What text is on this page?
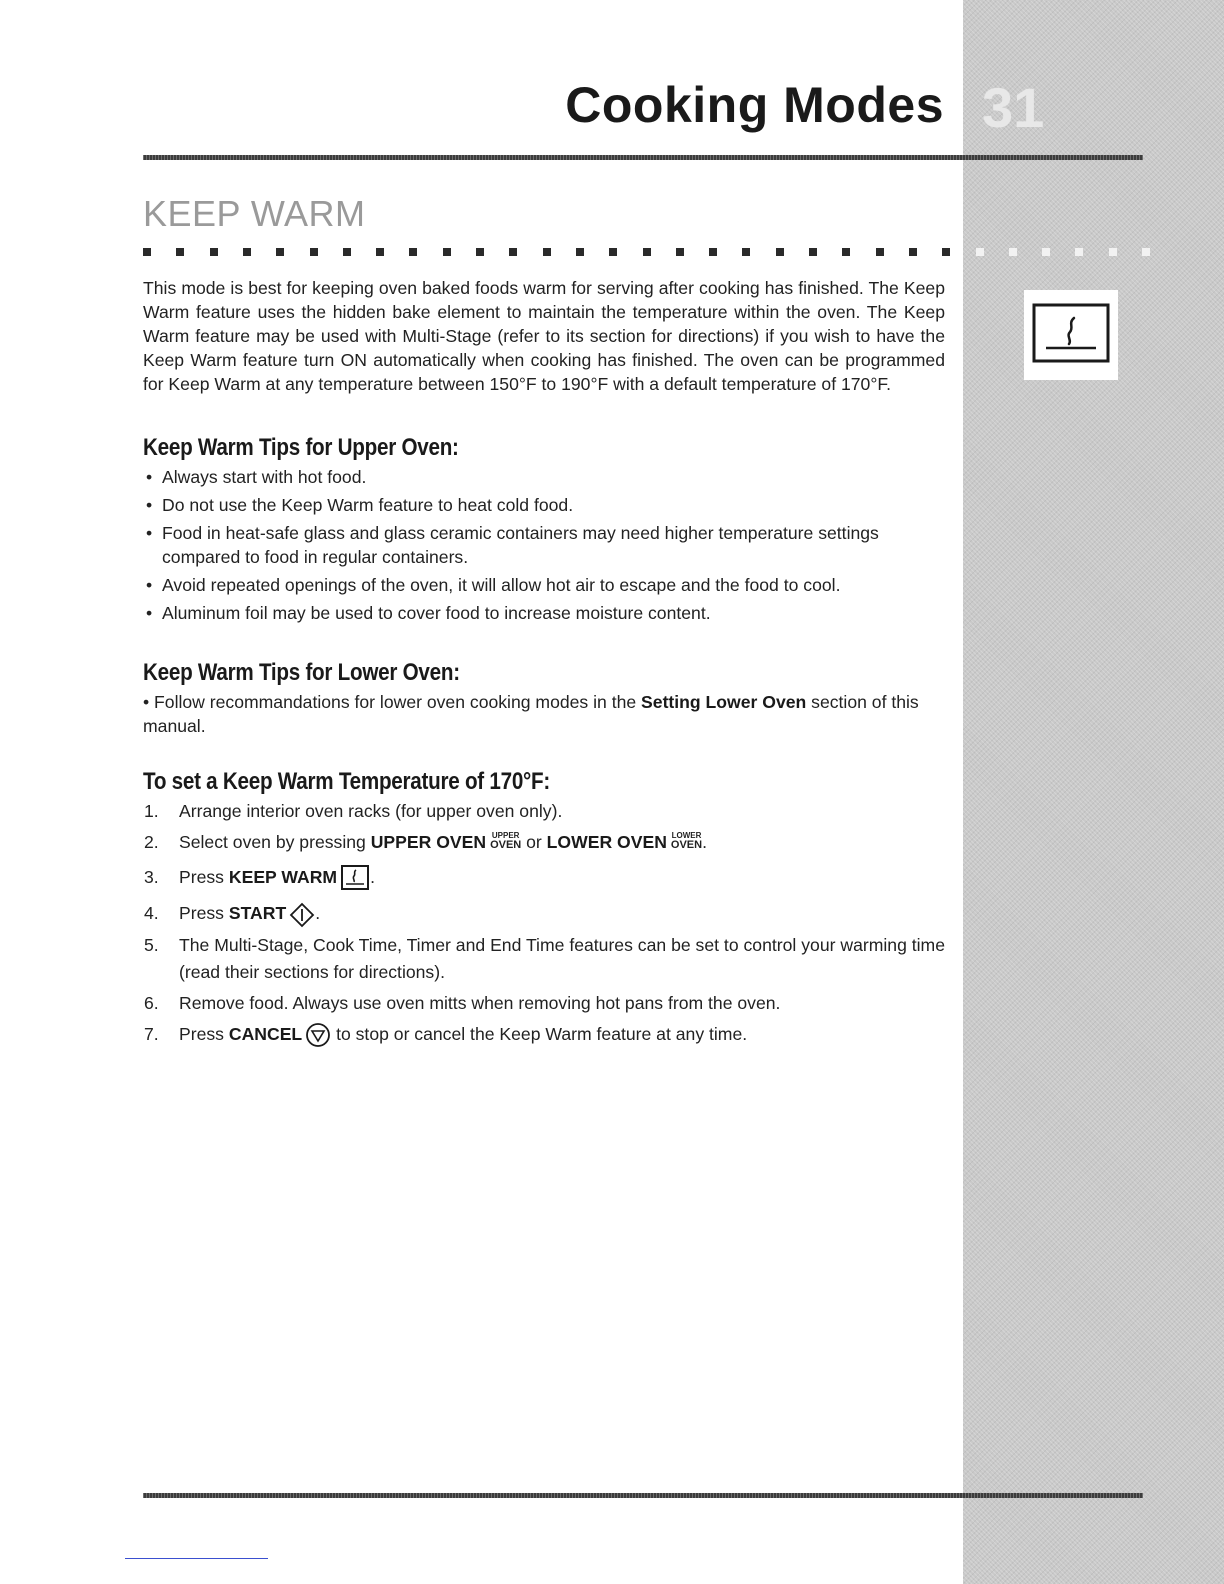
Cooking Modes 31
KEEP WARM

This mode is best for keeping oven baked foods warm for serving after cooking has finished. The Keep Warm feature uses the hidden bake element to maintain the temperature within the oven. The Keep Warm feature may be used with Multi-Stage (refer to its section for directions) if you wish to have the Keep Warm feature turn ON automatically when cooking has finished. The oven can be programmed for Keep Warm at any temperature between 150°F to 190°F with a default temperature of 170°F.

Keep Warm Tips for Upper Oven:
• Always start with hot food.
• Do not use the Keep Warm feature to heat cold food.
• Food in heat-safe glass and glass ceramic containers may need higher temperature settings compared to food in regular containers.
• Avoid repeated openings of the oven, it will allow hot air to escape and the food to cool.
• Aluminum foil may be used to cover food to increase moisture content.
Keep Warm Tips for Lower Oven:

• Follow recommandations for lower oven cooking modes in the Setting Lower Oven section of this manual.

To set a Keep Warm Temperature of 170°F:
1. Arrange interior oven racks (for upper oven only).
2. Select oven by pressing UPPER OVEN UPPER
OVEN or LOWER OVEN LOWER
OVEN .
3. Press KEEP WARM .
4. Press START .
5. The Multi-Stage, Cook Time, Timer and End Time features can be set to control your warming time (read their sections for directions).
6. Remove food. Always use oven mitts when removing hot pans from the oven.
7. Press CANCEL to stop or cancel the Keep Warm feature at any time.
